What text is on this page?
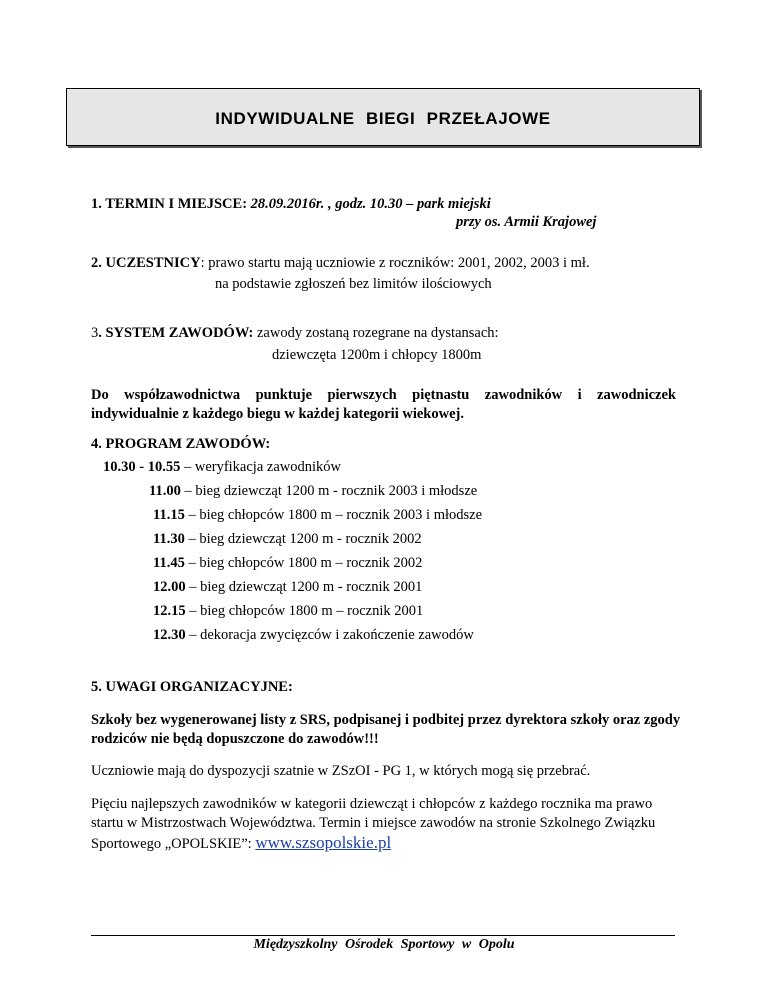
INDYWIDUALNE BIEGI PRZEŁAJOWE
1. TERMIN I MIEJSCE: 28.09.2016r. , godz. 10.30 – park miejski
przy os. Armii Krajowej
2. UCZESTNICY: prawo startu mają uczniowie z roczników: 2001, 2002, 2003 i mł.
na podstawie zgłoszeń bez limitów ilościowych
3. SYSTEM ZAWODÓW: zawody zostaną rozegrane na dystansach:
dziewczęta 1200m i chłopcy 1800m
Do współzawodnictwa punktuje pierwszych piętnastu zawodników i zawodniczek indywidualnie z każdego biegu w każdej kategorii wiekowej.
4. PROGRAM ZAWODÓW:
10.30 - 10.55 – weryfikacja zawodników
11.00 – bieg dziewcząt 1200 m - rocznik 2003 i młodsze
11.15 – bieg chłopców 1800 m – rocznik 2003 i młodsze
11.30 – bieg dziewcząt 1200 m - rocznik 2002
11.45 – bieg chłopców 1800 m – rocznik 2002
12.00 – bieg dziewcząt 1200 m - rocznik 2001
12.15 – bieg chłopców 1800 m – rocznik 2001
12.30 – dekoracja zwycięzców i zakończenie zawodów
5. UWAGI ORGANIZACYJNE:
Szkoły bez wygenerowanej listy z SRS, podpisanej i podbitej przez dyrektora szkoły oraz zgody rodziców nie będą dopuszczone do zawodów!!!
Uczniowie mają do dyspozycji szatnie w ZSzOI - PG 1, w których mogą się przebrać.
Pięciu najlepszych zawodników w kategorii dziewcząt i chłopców z każdego rocznika ma prawo startu w Mistrzostwach Województwa. Termin i miejsce zawodów na stronie Szkolnego Związku Sportowego „OPOLSKIE”: www.szsopolskie.pl
Międzyszkolny Ośrodek Sportowy w Opolu
